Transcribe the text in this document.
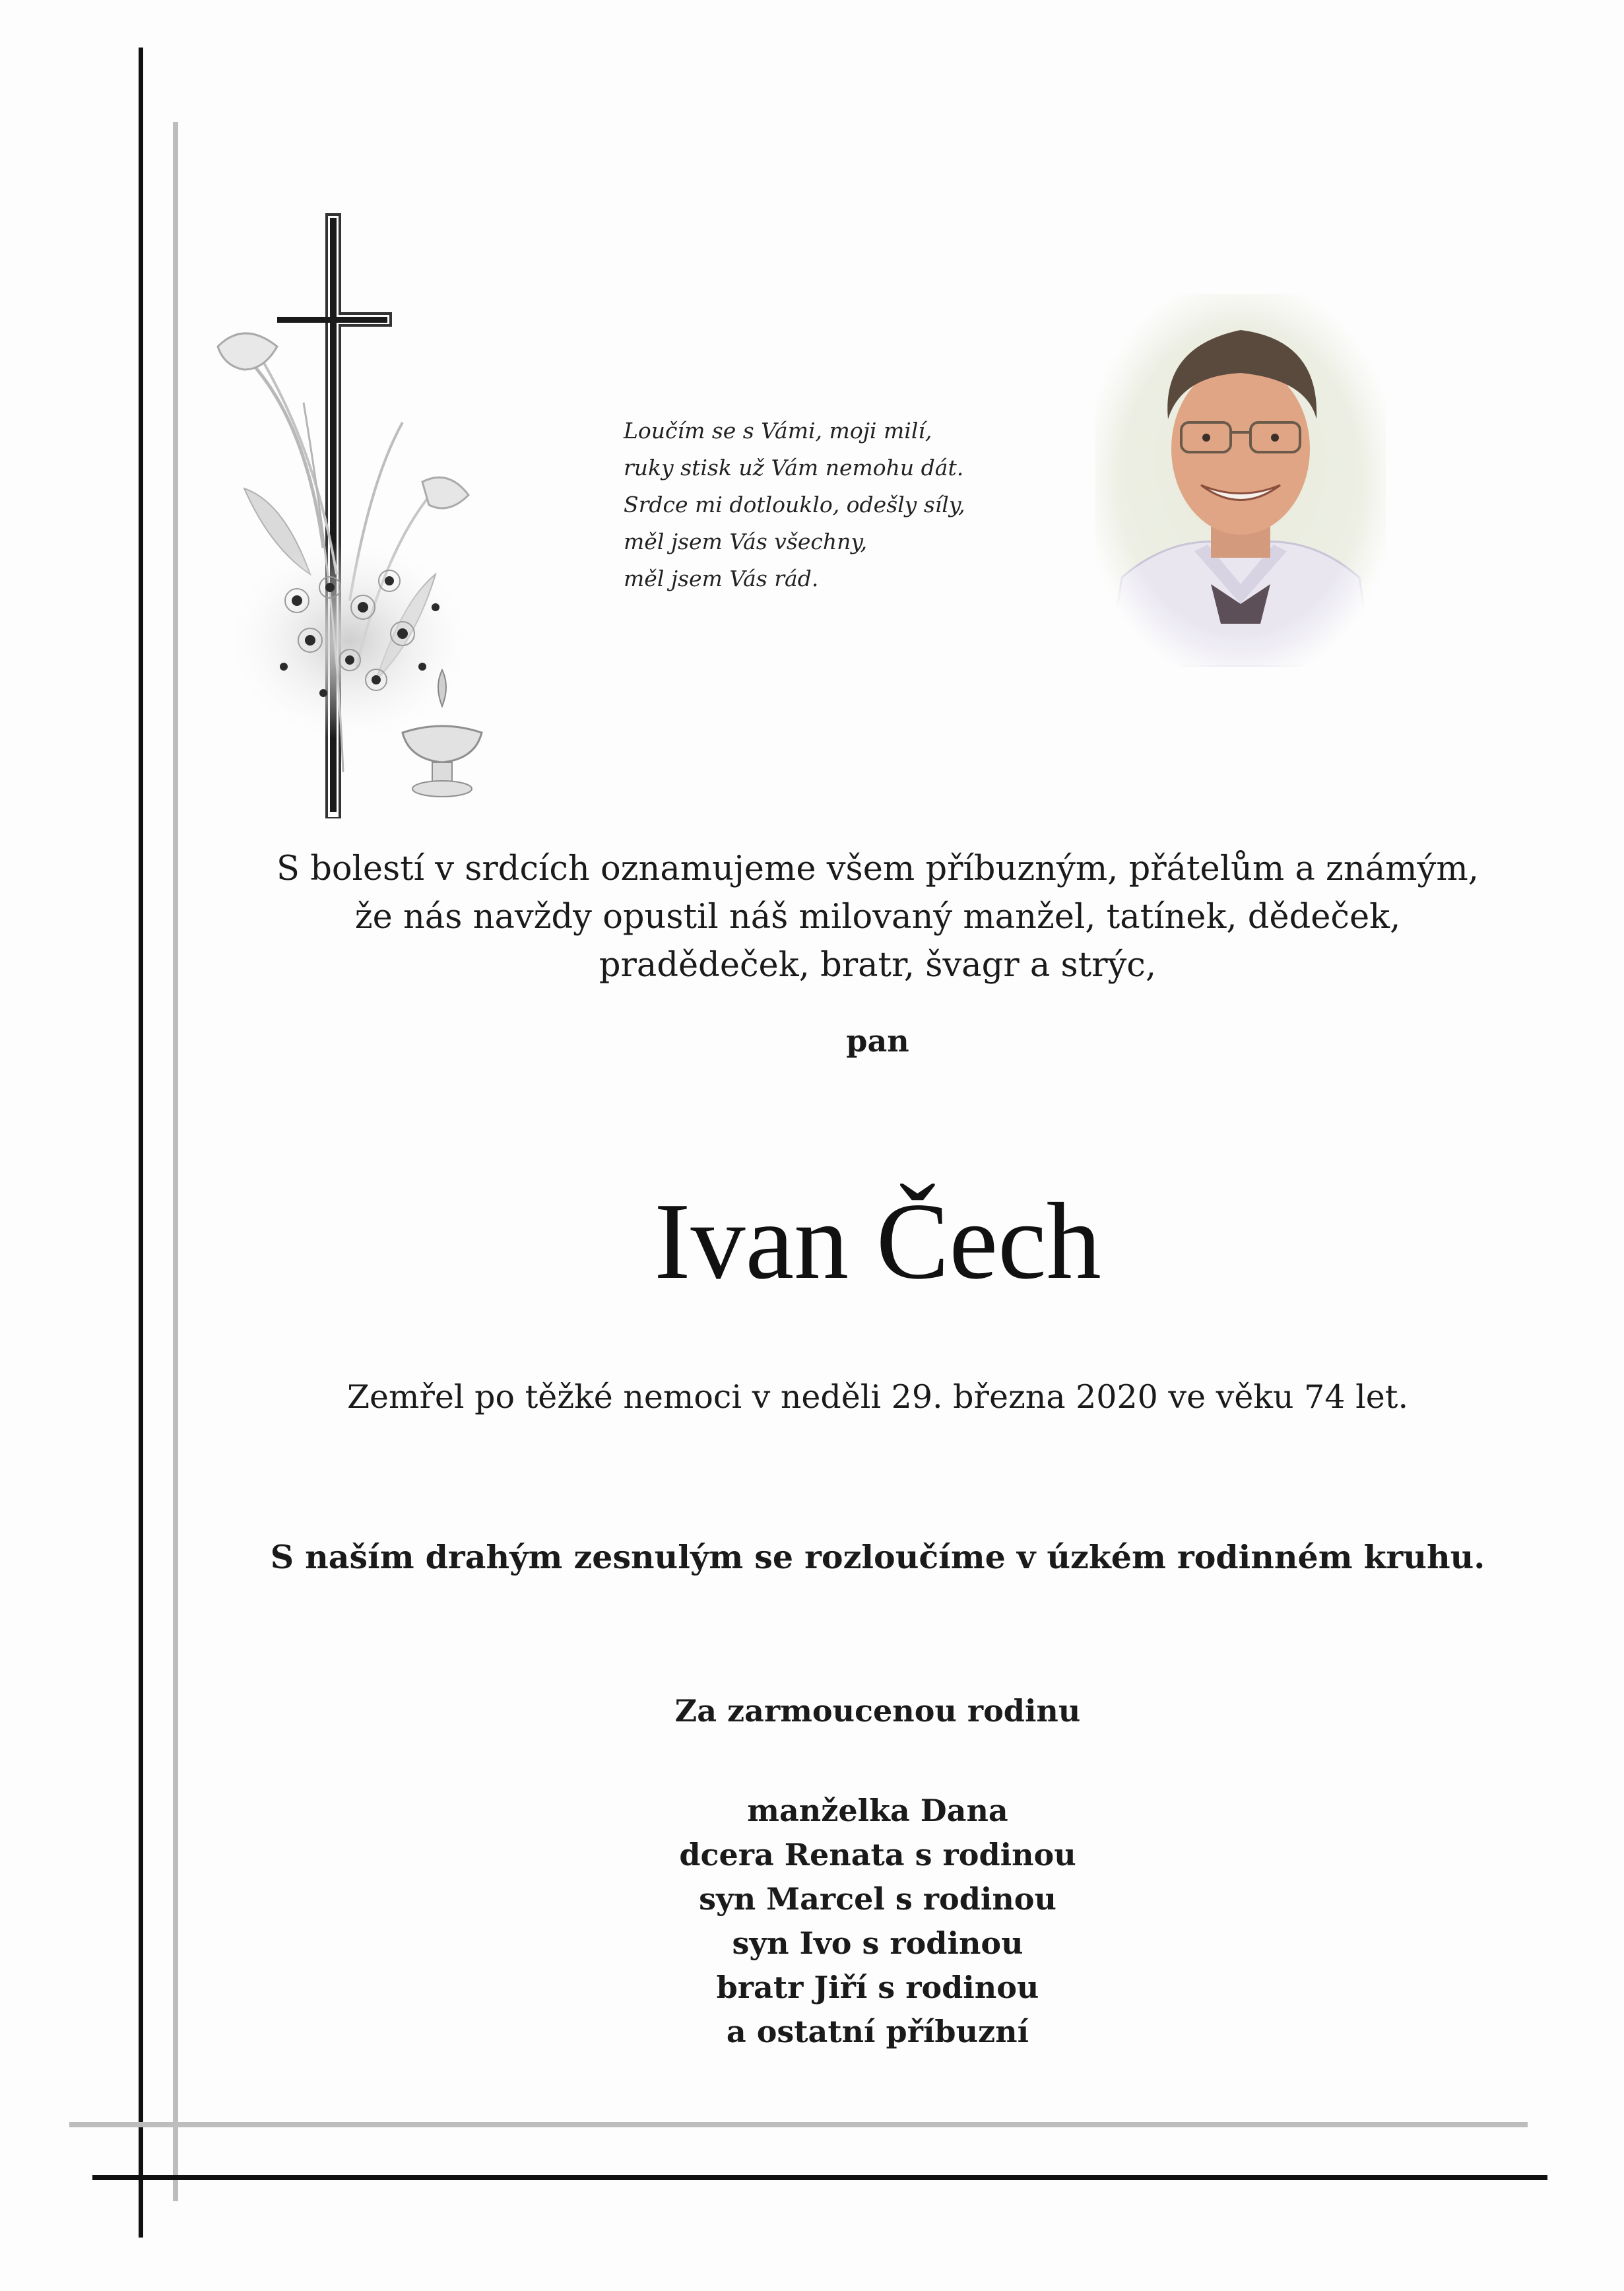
Loučím se s Vámi, moji milí,
ruky stisk už Vám nemohu dát.
Srdce mi dotlouklo, odešly síly,
měl jsem Vás všechny,
měl jsem Vás rád.
S bolestí v srdcích oznamujeme všem příbuzným, přátelům a známým,
že nás navždy opustil náš milovaný manžel, tatínek, dědeček,
pradědeček, bratr, švagr a strýc,
pan
Ivan Čech
Zemřel po těžké nemoci v neděli 29. března 2020 ve věku 74 let.
S naším drahým zesnulým se rozloučíme v úzkém rodinném kruhu.
Za zarmoucenou rodinu
manželka Dana
dcera Renata s rodinou
syn Marcel s rodinou
syn Ivo s rodinou
bratr Jiří s rodinou
a ostatní příbuzní
